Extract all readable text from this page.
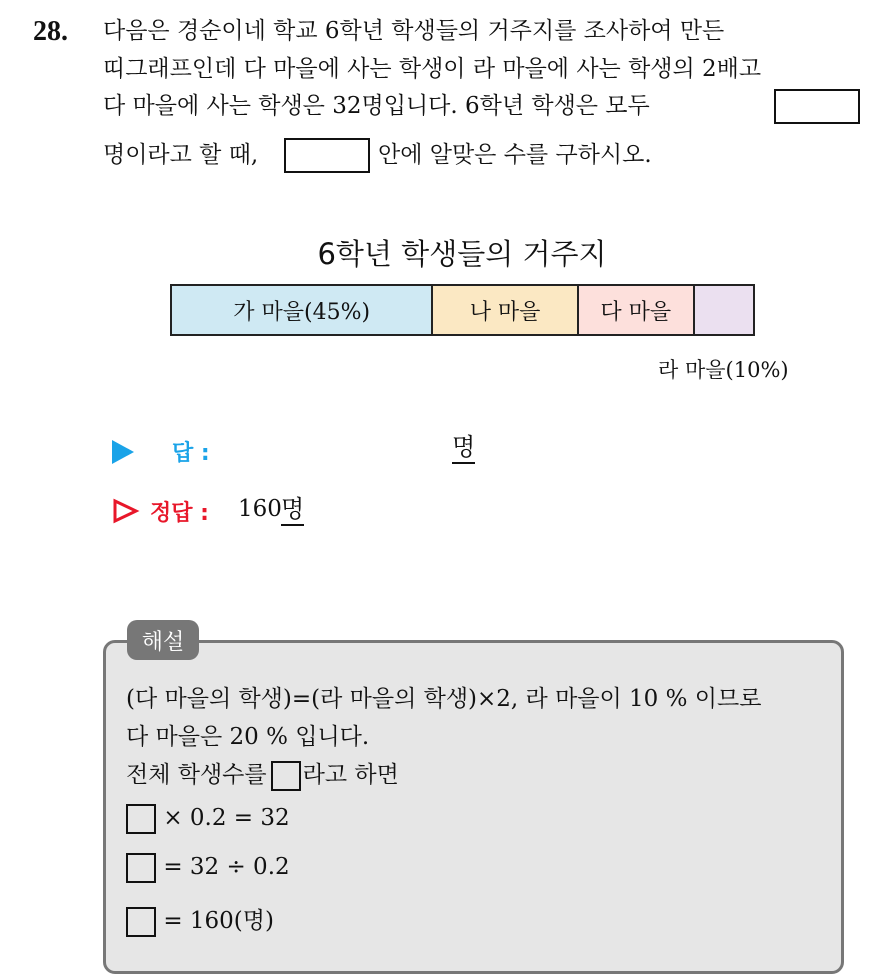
28. 다음은 경순이네 학교 6학년 학생들의 거주지를 조사하여 만든
띠그래프인데 다 마을에 사는 학생이 라 마을에 사는 학생의 2배고
다 마을에 사는 학생은 32명입니다. 6학년 학생은 모두
명이라고 할 때,	안에 알맞은 수를 구하시오.
6학년 학생들의 거주지
가 마을(45%)	나 마을	다 마을
라 마을(10%)
답 :	명
정답 : 160 명
해설
(다 마을의 학생)=(라 마을의 학생)×2, 라 마을이 10 % 이므로
다 마을은 20 % 입니다.
전체 학생수를 라고 하면
× 0.2 = 32
= 32 ÷ 0.2
= 160(명)
